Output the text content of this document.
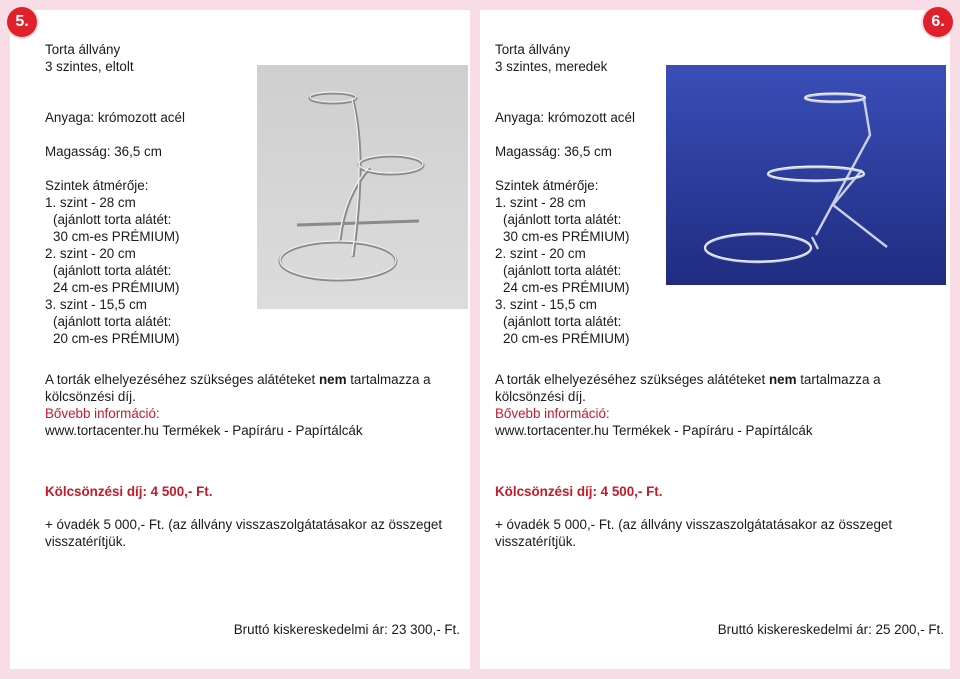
5.	6.
Torta állvány
3 szintes, eltolt
Anyaga: krómozott acél
Magasság: 36,5 cm
Szintek átmérője:
1. szint - 28 cm
(ajánlott torta alátét:
30 cm-es PRÉMIUM)
2. szint - 20 cm
(ajánlott torta alátét:
24 cm-es PRÉMIUM)
3. szint - 15,5 cm
(ajánlott torta alátét:
20 cm-es PRÉMIUM)
A torták elhelyezéséhez szükséges alátéteket nem tartalmazza a
kölcsönzési díj.
Bővebb információ:
www.tortacenter.hu Termékek - Papíráru - Papírtálcák
Kölcsönzési díj: 4 500,- Ft.
+ óvadék 5 000,- Ft. (az állvány visszaszolgátatásakor az összeget
visszatérítjük.
Bruttó kiskereskedelmi ár: 23 300,- Ft.
Torta állvány
3 szintes, meredek
Anyaga: krómozott acél
Magasság: 36,5 cm
Szintek átmérője:
1. szint - 28 cm
(ajánlott torta alátét:
30 cm-es PRÉMIUM)
2. szint - 20 cm
(ajánlott torta alátét:
24 cm-es PRÉMIUM)
3. szint - 15,5 cm
(ajánlott torta alátét:
20 cm-es PRÉMIUM)
A torták elhelyezéséhez szükséges alátéteket nem tartalmazza a
kölcsönzési díj.
Bővebb információ:
www.tortacenter.hu Termékek - Papíráru - Papírtálcák
Kölcsönzési díj: 4 500,- Ft.
+ óvadék 5 000,- Ft. (az állvány visszaszolgátatásakor az összeget
visszatérítjük.
Bruttó kiskereskedelmi ár: 25 200,- Ft.
